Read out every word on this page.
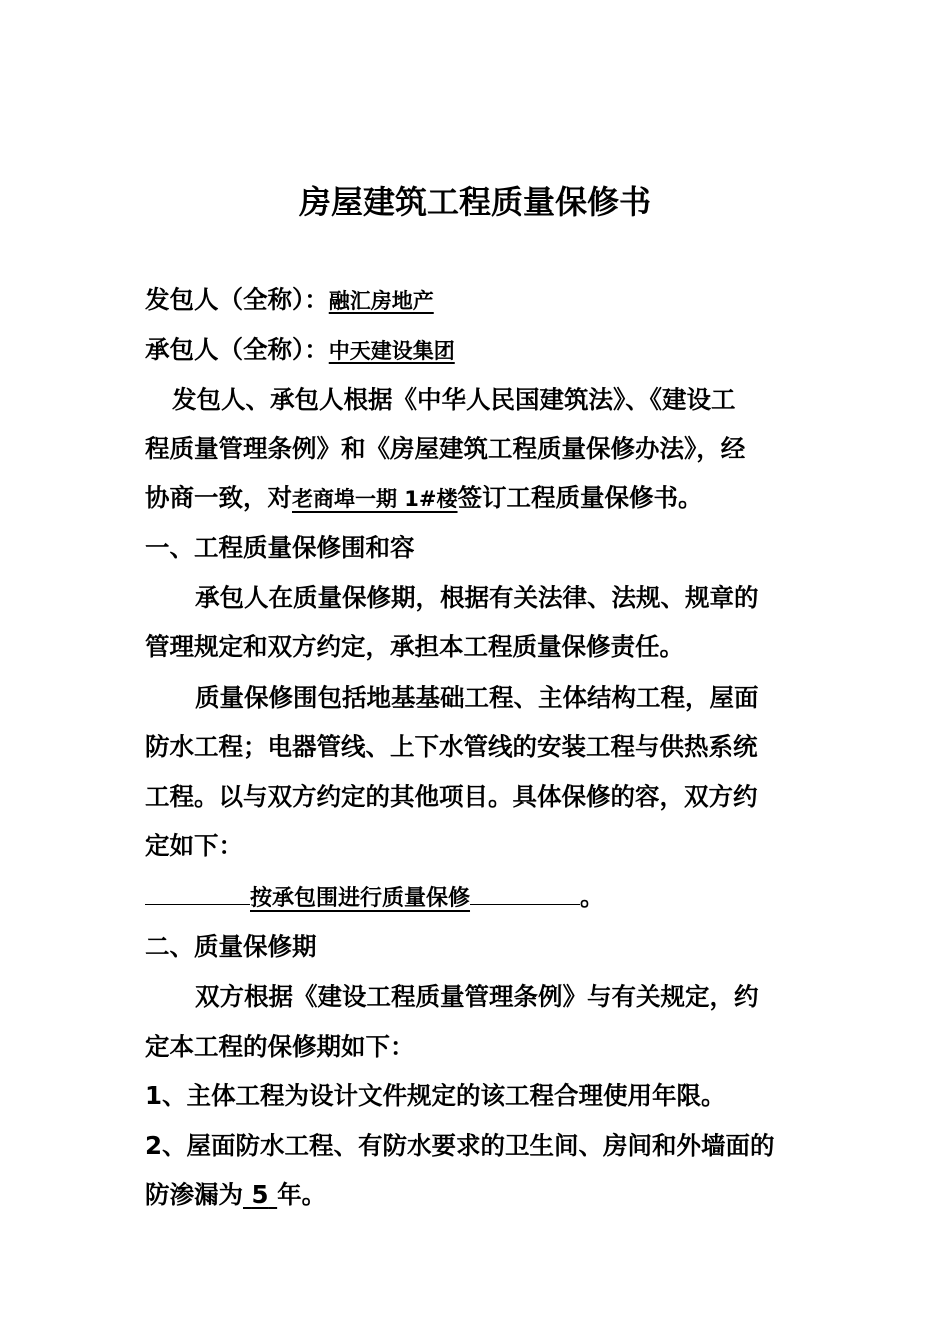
房屋建筑工程质量保修书
发包人（全称）：融汇房地产
承包人（全称）：中天建设集团
发包人、承包人根据《中华人民国建筑法》、《建设工
程质量管理条例》和《房屋建筑工程质量保修办法》，经
协商一致，对老商埠一期 1#楼签订工程质量保修书。
一、工程质量保修围和容
承包人在质量保修期，根据有关法律、法规、规章的
管理规定和双方约定，承担本工程质量保修责任。
质量保修围包括地基基础工程、主体结构工程，屋面
防水工程；电器管线、上下水管线的安装工程与供热系统
工程。以与双方约定的其他项目。具体保修的容，双方约
定如下：
按承包围进行质量保修	。
二、质量保修期
双方根据《建设工程质量管理条例》与有关规定，约
定本工程的保修期如下：
1、主体工程为设计文件规定的该工程合理使用年限。
2、屋面防水工程、有防水要求的卫生间、房间和外墙面的
防渗漏为 5 年。
